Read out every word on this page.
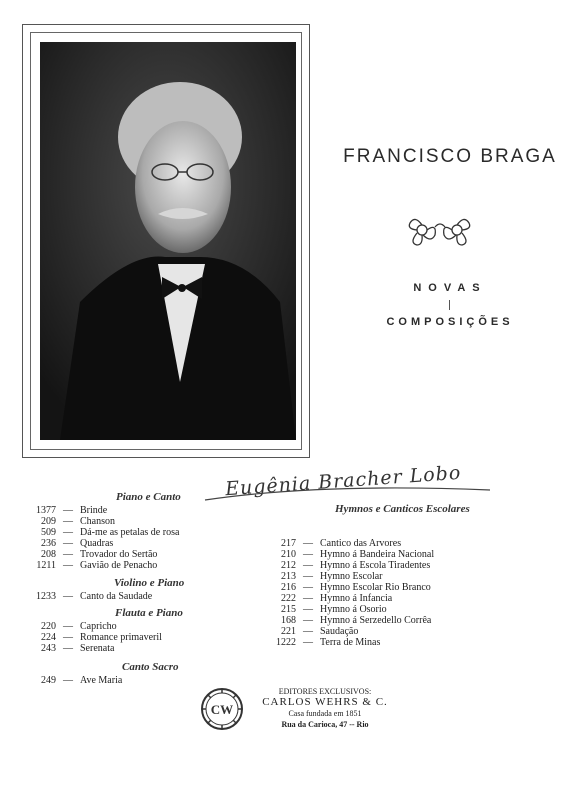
FRANCISCO BRAGA
NOVAS
COMPOSIÇÕES
Eugênia Bracher Lobo
Piano e Canto
1377 — Brinde
209 — Chanson
509 — Dá-me as petalas de rosa
236 — Quadras
208 — Trovador do Sertão
1211 — Gavião de Penacho
Violino e Piano
1233 — Canto da Saudade
Flauta e Piano
220 — Capricho
224 — Romance primaveril
243 — Serenata
Canto Sacro
249 — Ave Maria
Hymnos e Canticos Escolares
217 — Cantico das Arvores
210 — Hymno á Bandeira Nacional
212 — Hymno á Escola Tiradentes
213 — Hymno Escolar
216 — Hymno Escolar Rio Branco
222 — Hymno á Infancia
215 — Hymno á Osorio
168 — Hymno á Serzedello Corrêa
221 — Saudação
1222 — Terra de Minas
CW
EDITORES EXCLUSIVOS:
CARLOS WEHRS & C.
Casa fundada em 1851
Rua da Carioca, 47 -- Rio
